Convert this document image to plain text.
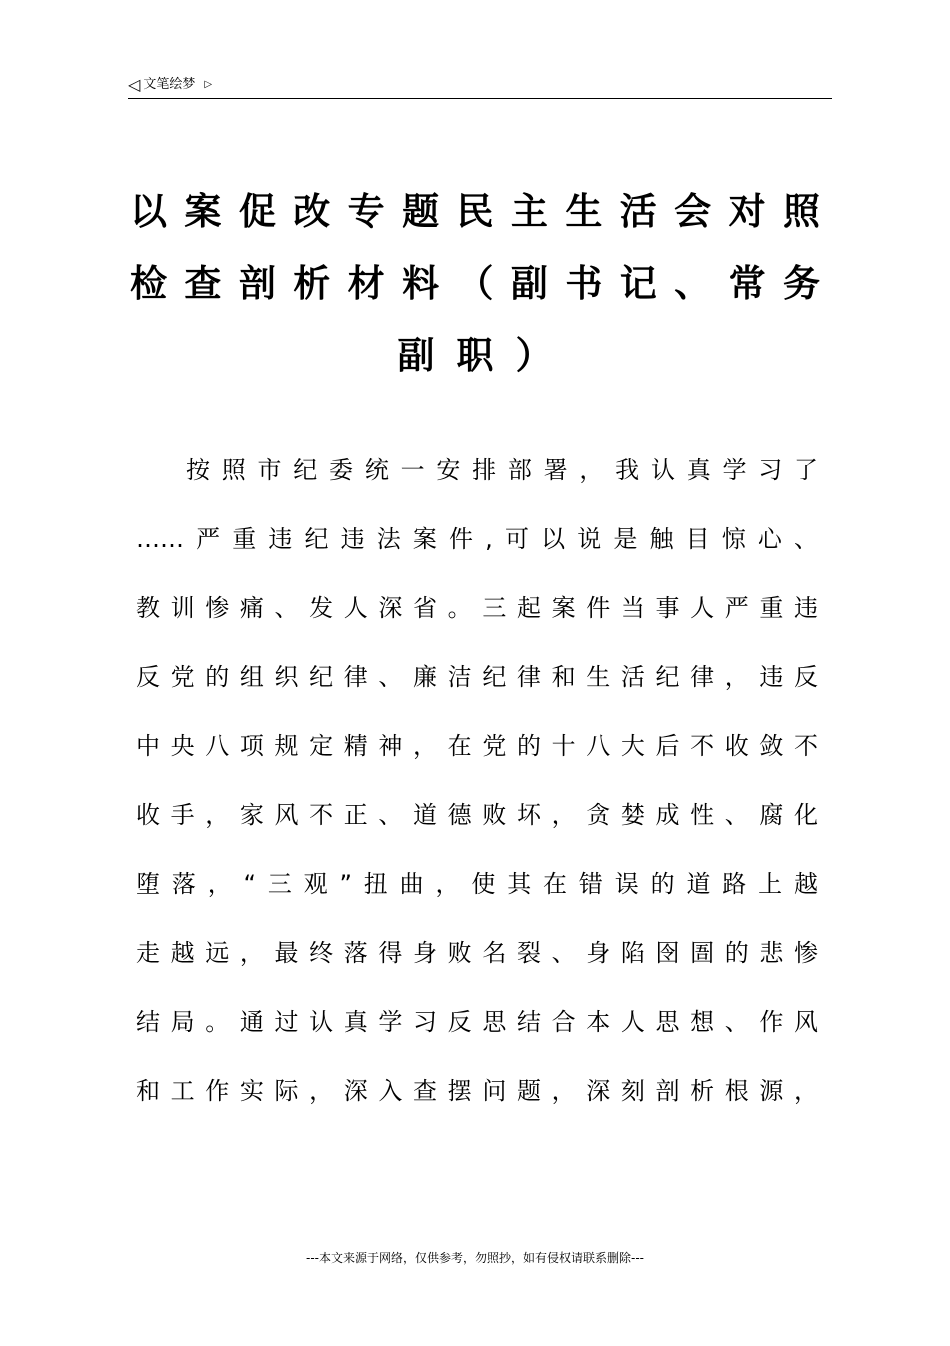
◁ 文笔绘梦 ▷
以案促改专题民主生活会对照
检查剖析材料（副书记、常务
副职）
按照市纪委统一安排部署，我认真学习了
……严重违纪违法案件,可以说是触目惊心、
教训惨痛、发人深省。三起案件当事人严重违
反党的组织纪律、廉洁纪律和生活纪律，违反
中央八项规定精神，在党的十八大后不收敛不
收手，家风不正、道德败坏，贪婪成性、腐化
堕落，“三观”扭曲，使其在错误的道路上越
走越远，最终落得身败名裂、身陷囹圄的悲惨
结局。通过认真学习反思结合本人思想、作风
和工作实际，深入查摆问题，深刻剖析根源，
---本文来源于网络，仅供参考，勿照抄，如有侵权请联系删除---
